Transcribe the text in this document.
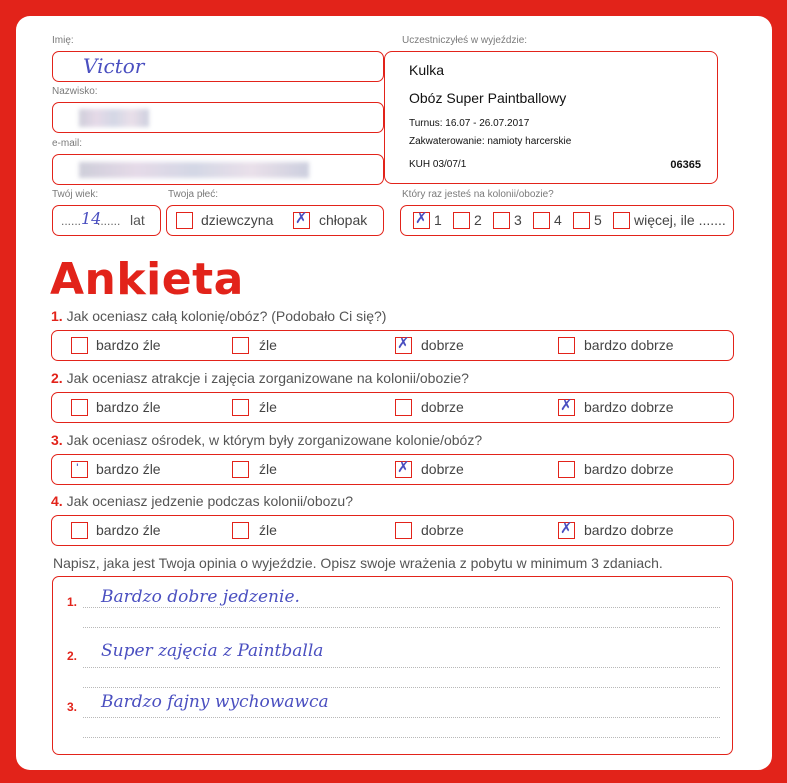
Imię:
Victor
Nazwisko:
e-mail:
Twój wiek:
...... 14
....... lat
Twoja płeć:
dziewczyna ✗ chłopak
Uczestniczyłeś w wyjeździe:
Kulka
Obóz Super Paintballowy
Turnus: 16.07 - 26.07.2017
Zakwaterowanie: namioty harcerskie
KUH 03/07/1	06365
Który raz jesteś na kolonii/obozie?
✗ 1 2 3 4 5 więcej, ile .......
Ankieta
1. Jak oceniasz całą kolonię/obóz? (Podobało Ci się?)
bardzo źle	źle	✗ dobrze	bardzo dobrze
2. Jak oceniasz atrakcje i zajęcia zorganizowane na kolonii/obozie?
bardzo źle	źle	dobrze	✗ bardzo dobrze
3. Jak oceniasz ośrodek, w którym były zorganizowane kolonie/obóz?
' bardzo źle	źle	✗ dobrze	bardzo dobrze
4. Jak oceniasz jedzenie podczas kolonii/obozu?
bardzo źle	źle	dobrze	✗ bardzo dobrze
Napisz, jaka jest Twoja opinia o wyjeździe. Opisz swoje wrażenia z pobytu w minimum 3 zdaniach.
1. Bardzo dobre jedzenie.
2. Super zajęcia z Paintballa
3. Bardzo fajny wychowawca
